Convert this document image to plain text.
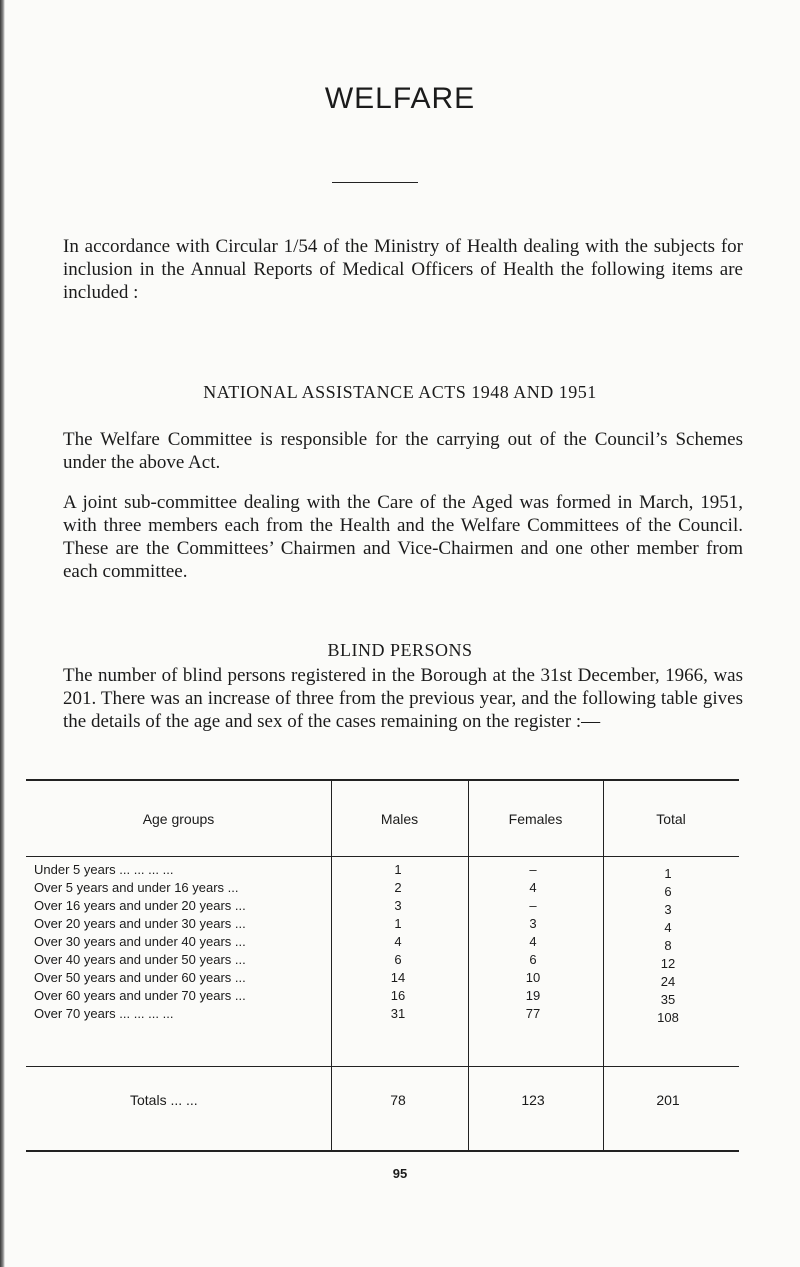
WELFARE

In accordance with Circular 1/54 of the Ministry of Health dealing with the subjects for inclusion in the Annual Reports of Medical Officers of Health the following items are included :

NATIONAL ASSISTANCE ACTS 1948 AND 1951

The Welfare Committee is responsible for the carrying out of the Council’s Schemes under the above Act.

A joint sub-committee dealing with the Care of the Aged was formed in March, 1951, with three members each from the Health and the Welfare Committees of the Council. These are the Committees’ Chairmen and Vice-Chairmen and one other member from each committee.

BLIND PERSONS

The number of blind persons registered in the Borough at the 31st December, 1966, was 201. There was an increase of three from the previous year, and the following table gives the details of the age and sex of the cases remaining on the register :—

Age groups	Males	Females	Total
Under 5 years ... ... ... ...	1	–	1
Over 5 years and under 16 years ...	2	4	6
Over 16 years and under 20 years ...	3	–	3
Over 20 years and under 30 years ...	1	3	4
Over 30 years and under 40 years ...	4	4	8
Over 40 years and under 50 years ...	6	6	12
Over 50 years and under 60 years ...	14	10	24
Over 60 years and under 70 years ...	16	19	35
Over 70 years ... ... ... ...	31	77	108
Totals ... ...	78	123	201
95
